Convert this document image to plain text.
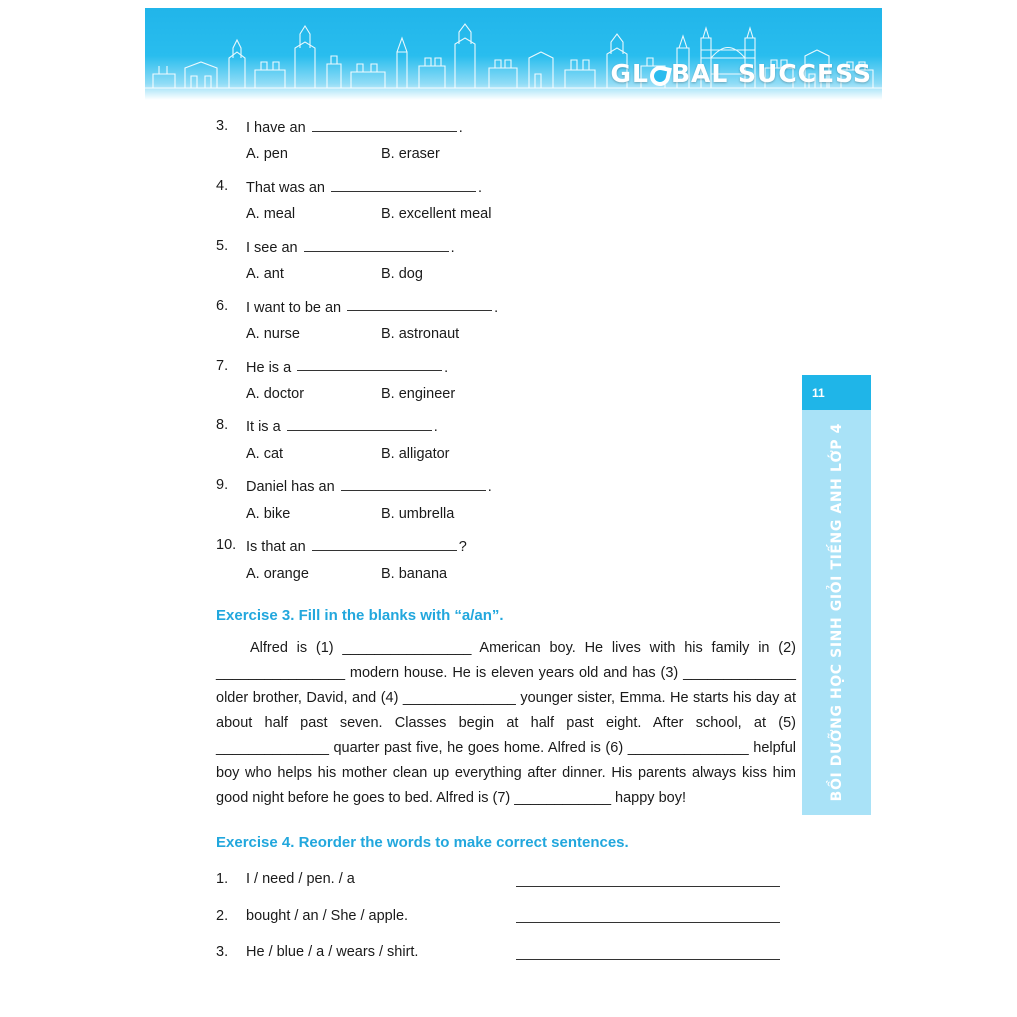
GL BAL SUCCESS
11
BỒI DƯỠNG HỌC SINH GIỎI TIẾNG ANH LỚP 4
3.	I have an	.
A. pen	B. eraser
4.	That was an	.
A. meal	B. excellent meal
5.	I see an	.
A. ant	B. dog
6.	I want to be an	.
A. nurse	B. astronaut
7.	He is a	.
A. doctor	B. engineer
8.	It is a	.
A. cat	B. alligator
9.	Daniel has an	.
A. bike	B. umbrella
10. Is that an	?
A. orange	B. banana
Exercise 3. Fill in the blanks with “a/an”.
Alfred is (1) ________________ American boy. He lives with his family in (2) ________________ modern house. He is eleven years old and has (3) ______________ older brother, David, and (4) ______________ younger sister, Emma. He starts his day at about half past seven. Classes begin at half past eight. After school, at (5) ______________ quarter past five, he goes home. Alfred is (6) _______________ helpful boy who helps his mother clean up everything after dinner. His parents always kiss him good night before he goes to bed. Alfred is (7) ____________ happy boy!
Exercise 4. Reorder the words to make correct sentences.
1.	I / need / pen. / a
2.	bought / an / She / apple.
3.	He / blue / a / wears / shirt.
